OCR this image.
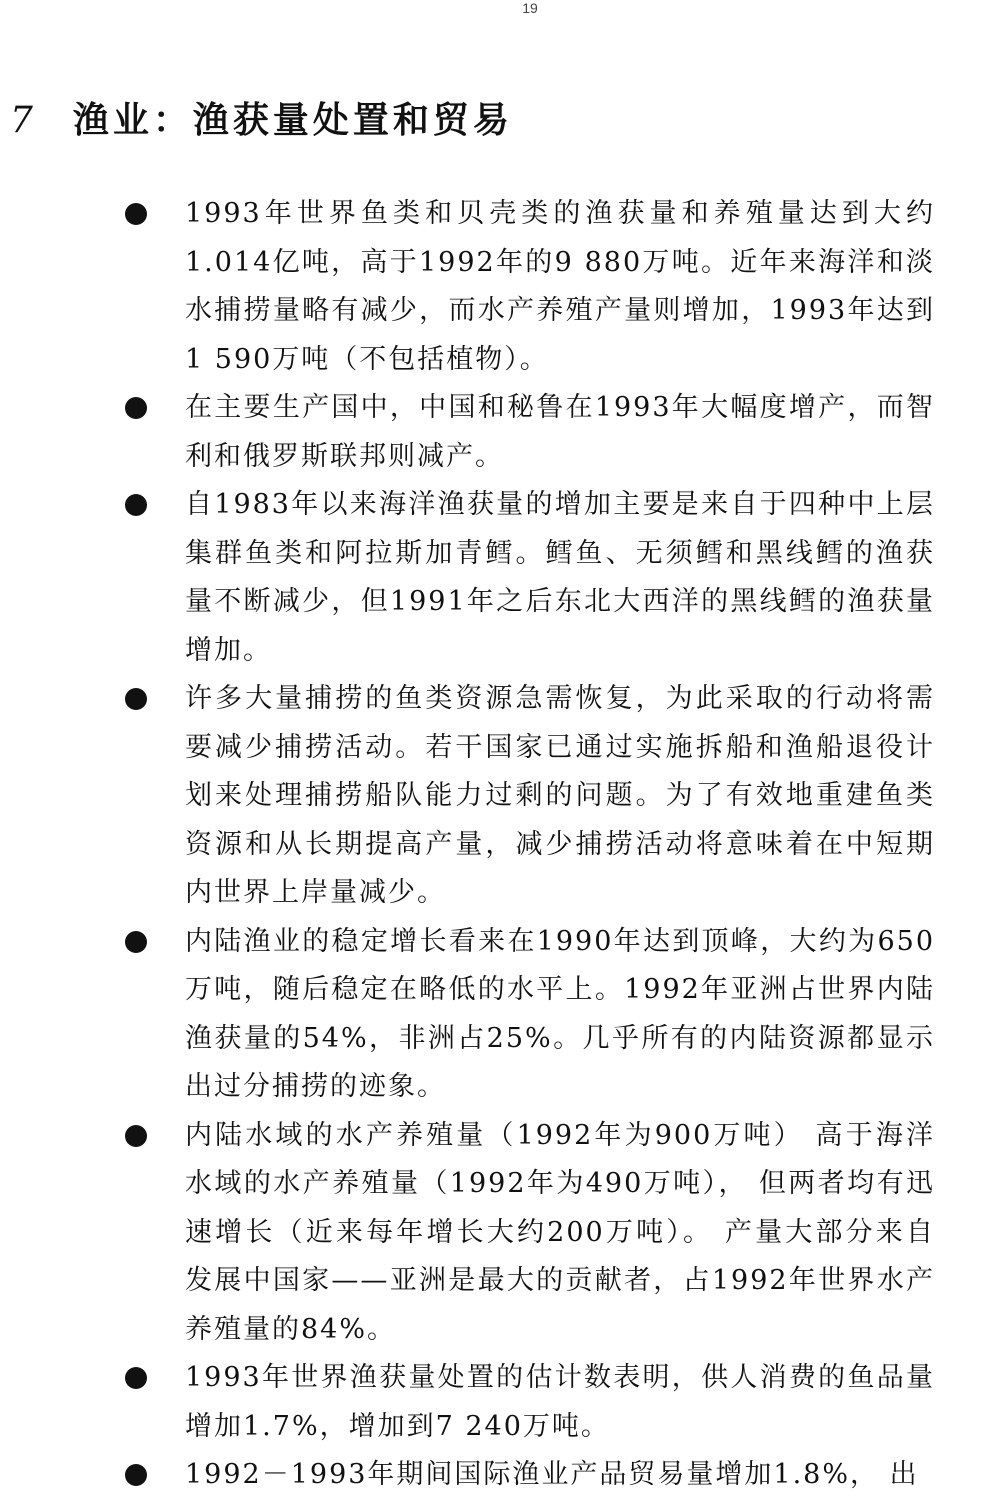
19
7 渔业：渔获量处置和贸易
1993年世界鱼类和贝壳类的渔获量和养殖量达到大约1.014亿吨，高于1992年的9 880万吨。近年来海洋和淡水捕捞量略有减少，而水产养殖产量则增加，1993年达到1 590万吨（不包括植物）。
在主要生产国中，中国和秘鲁在1993年大幅度增产，而智利和俄罗斯联邦则减产。
自1983年以来海洋渔获量的增加主要是来自于四种中上层集群鱼类和阿拉斯加青鳕。鳕鱼、无须鳕和黑线鳕的渔获量不断减少，但1991年之后东北大西洋的黑线鳕的渔获量增加。
许多大量捕捞的鱼类资源急需恢复，为此采取的行动将需要减少捕捞活动。若干国家已通过实施拆船和渔船退役计划来处理捕捞船队能力过剩的问题。为了有效地重建鱼类资源和从长期提高产量，减少捕捞活动将意味着在中短期内世界上岸量减少。
内陆渔业的稳定增长看来在1990年达到顶峰，大约为650万吨，随后稳定在略低的水平上。1992年亚洲占世界内陆渔获量的54%，非洲占25%。几乎所有的内陆资源都显示出过分捕捞的迹象。
内陆水域的水产养殖量（1992年为900万吨） 高于海洋水域的水产养殖量（1992年为490万吨）， 但两者均有迅速增长（近来每年增长大约200万吨）。 产量大部分来自发展中国家——亚洲是最大的贡献者，占1992年世界水产养殖量的84%。
1993年世界渔获量处置的估计数表明，供人消费的鱼品量增加1.7%，增加到7 240万吨。
1992－1993年期间国际渔业产品贸易量增加1.8%， 出
